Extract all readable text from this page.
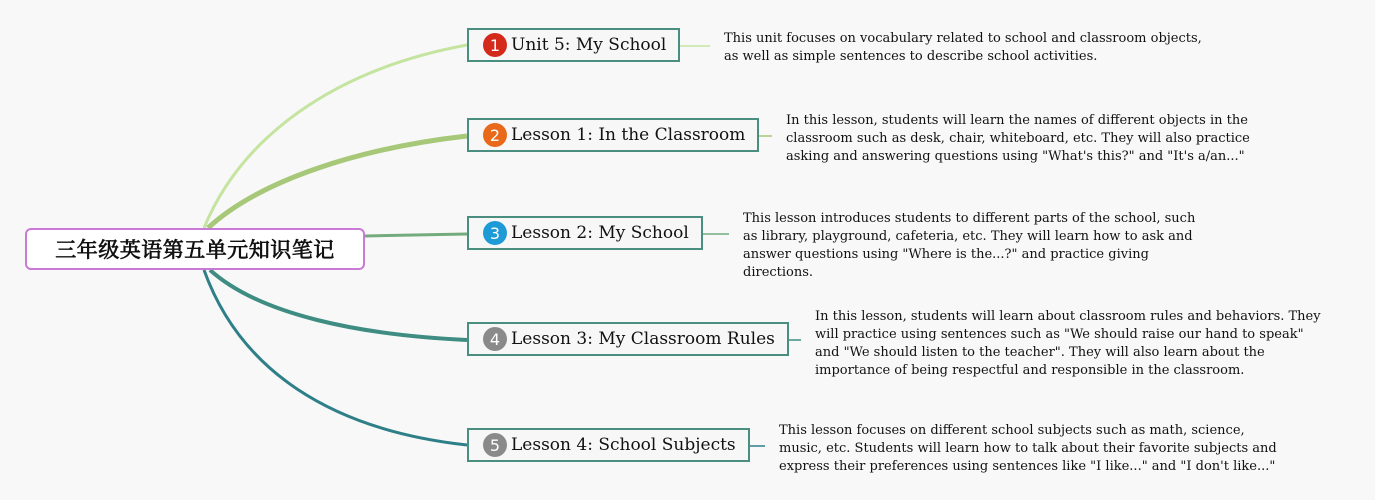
三年级英语第五单元知识笔记
1 Unit 5: My School	This unit focuses on vocabulary related to school and classroom objects, as well as simple sentences to describe school activities.
2 Lesson 1: In the Classroom
In this lesson, students will learn the names of different objects in the classroom such as desk, chair, whiteboard, etc. They will also practice asking and answering questions using "What's this?" and "It's a/an..."
3 Lesson 2: My School
This lesson introduces students to different parts of the school, such as library, playground, cafeteria, etc. They will learn how to ask and answer questions using "Where is the...?" and practice giving directions.
4 Lesson 3: My Classroom Rules
In this lesson, students will learn about classroom rules and behaviors. They will practice using sentences such as "We should raise our hand to speak" and "We should listen to the teacher". They will also learn about the importance of being respectful and responsible in the classroom.
5 Lesson 4: School Subjects
This lesson focuses on different school subjects such as math, science, music, etc. Students will learn how to talk about their favorite subjects and express their preferences using sentences like "I like..." and "I don't like..."
